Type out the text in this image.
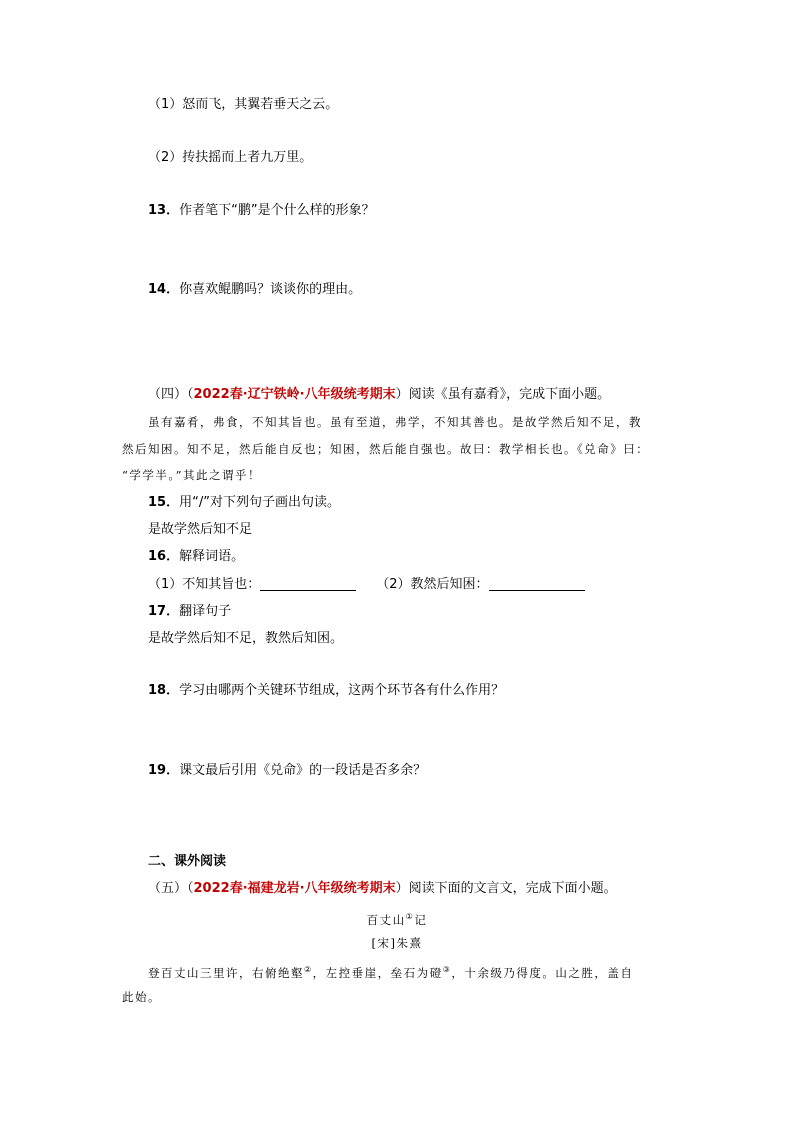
（1）怒而飞，其翼若垂天之云。
（2）抟扶摇而上者九万里。
13．作者笔下“鹏”是个什么样的形象？
14．你喜欢鲲鹏吗？谈谈你的理由。
（四）（2022春·辽宁铁岭·八年级统考期末）阅读《虽有嘉肴》，完成下面小题。
虽有嘉肴，弗食，不知其旨也。虽有至道，弗学，不知其善也。是故学然后知不足，教
然后知困。知不足，然后能自反也；知困，然后能自强也。故曰：教学相长也。《兑命》曰：
“学学半。”其此之谓乎！
15．用“/”对下列句子画出句读。
是故学然后知不足
16．解释词语。
（1）不知其旨也：	（2）教然后知困：
17．翻译句子
是故学然后知不足，教然后知困。
18．学习由哪两个关键环节组成，这两个环节各有什么作用？
19．课文最后引用《兑命》的一段话是否多余？
二、课外阅读
（五）（2022春·福建龙岩·八年级统考期末）阅读下面的文言文，完成下面小题。
百丈山①记
[宋]朱熹
登百丈山三里许，右俯绝壑②，左控垂崖，垒石为磴③，十余级乃得度。山之胜，盖自
此始。
